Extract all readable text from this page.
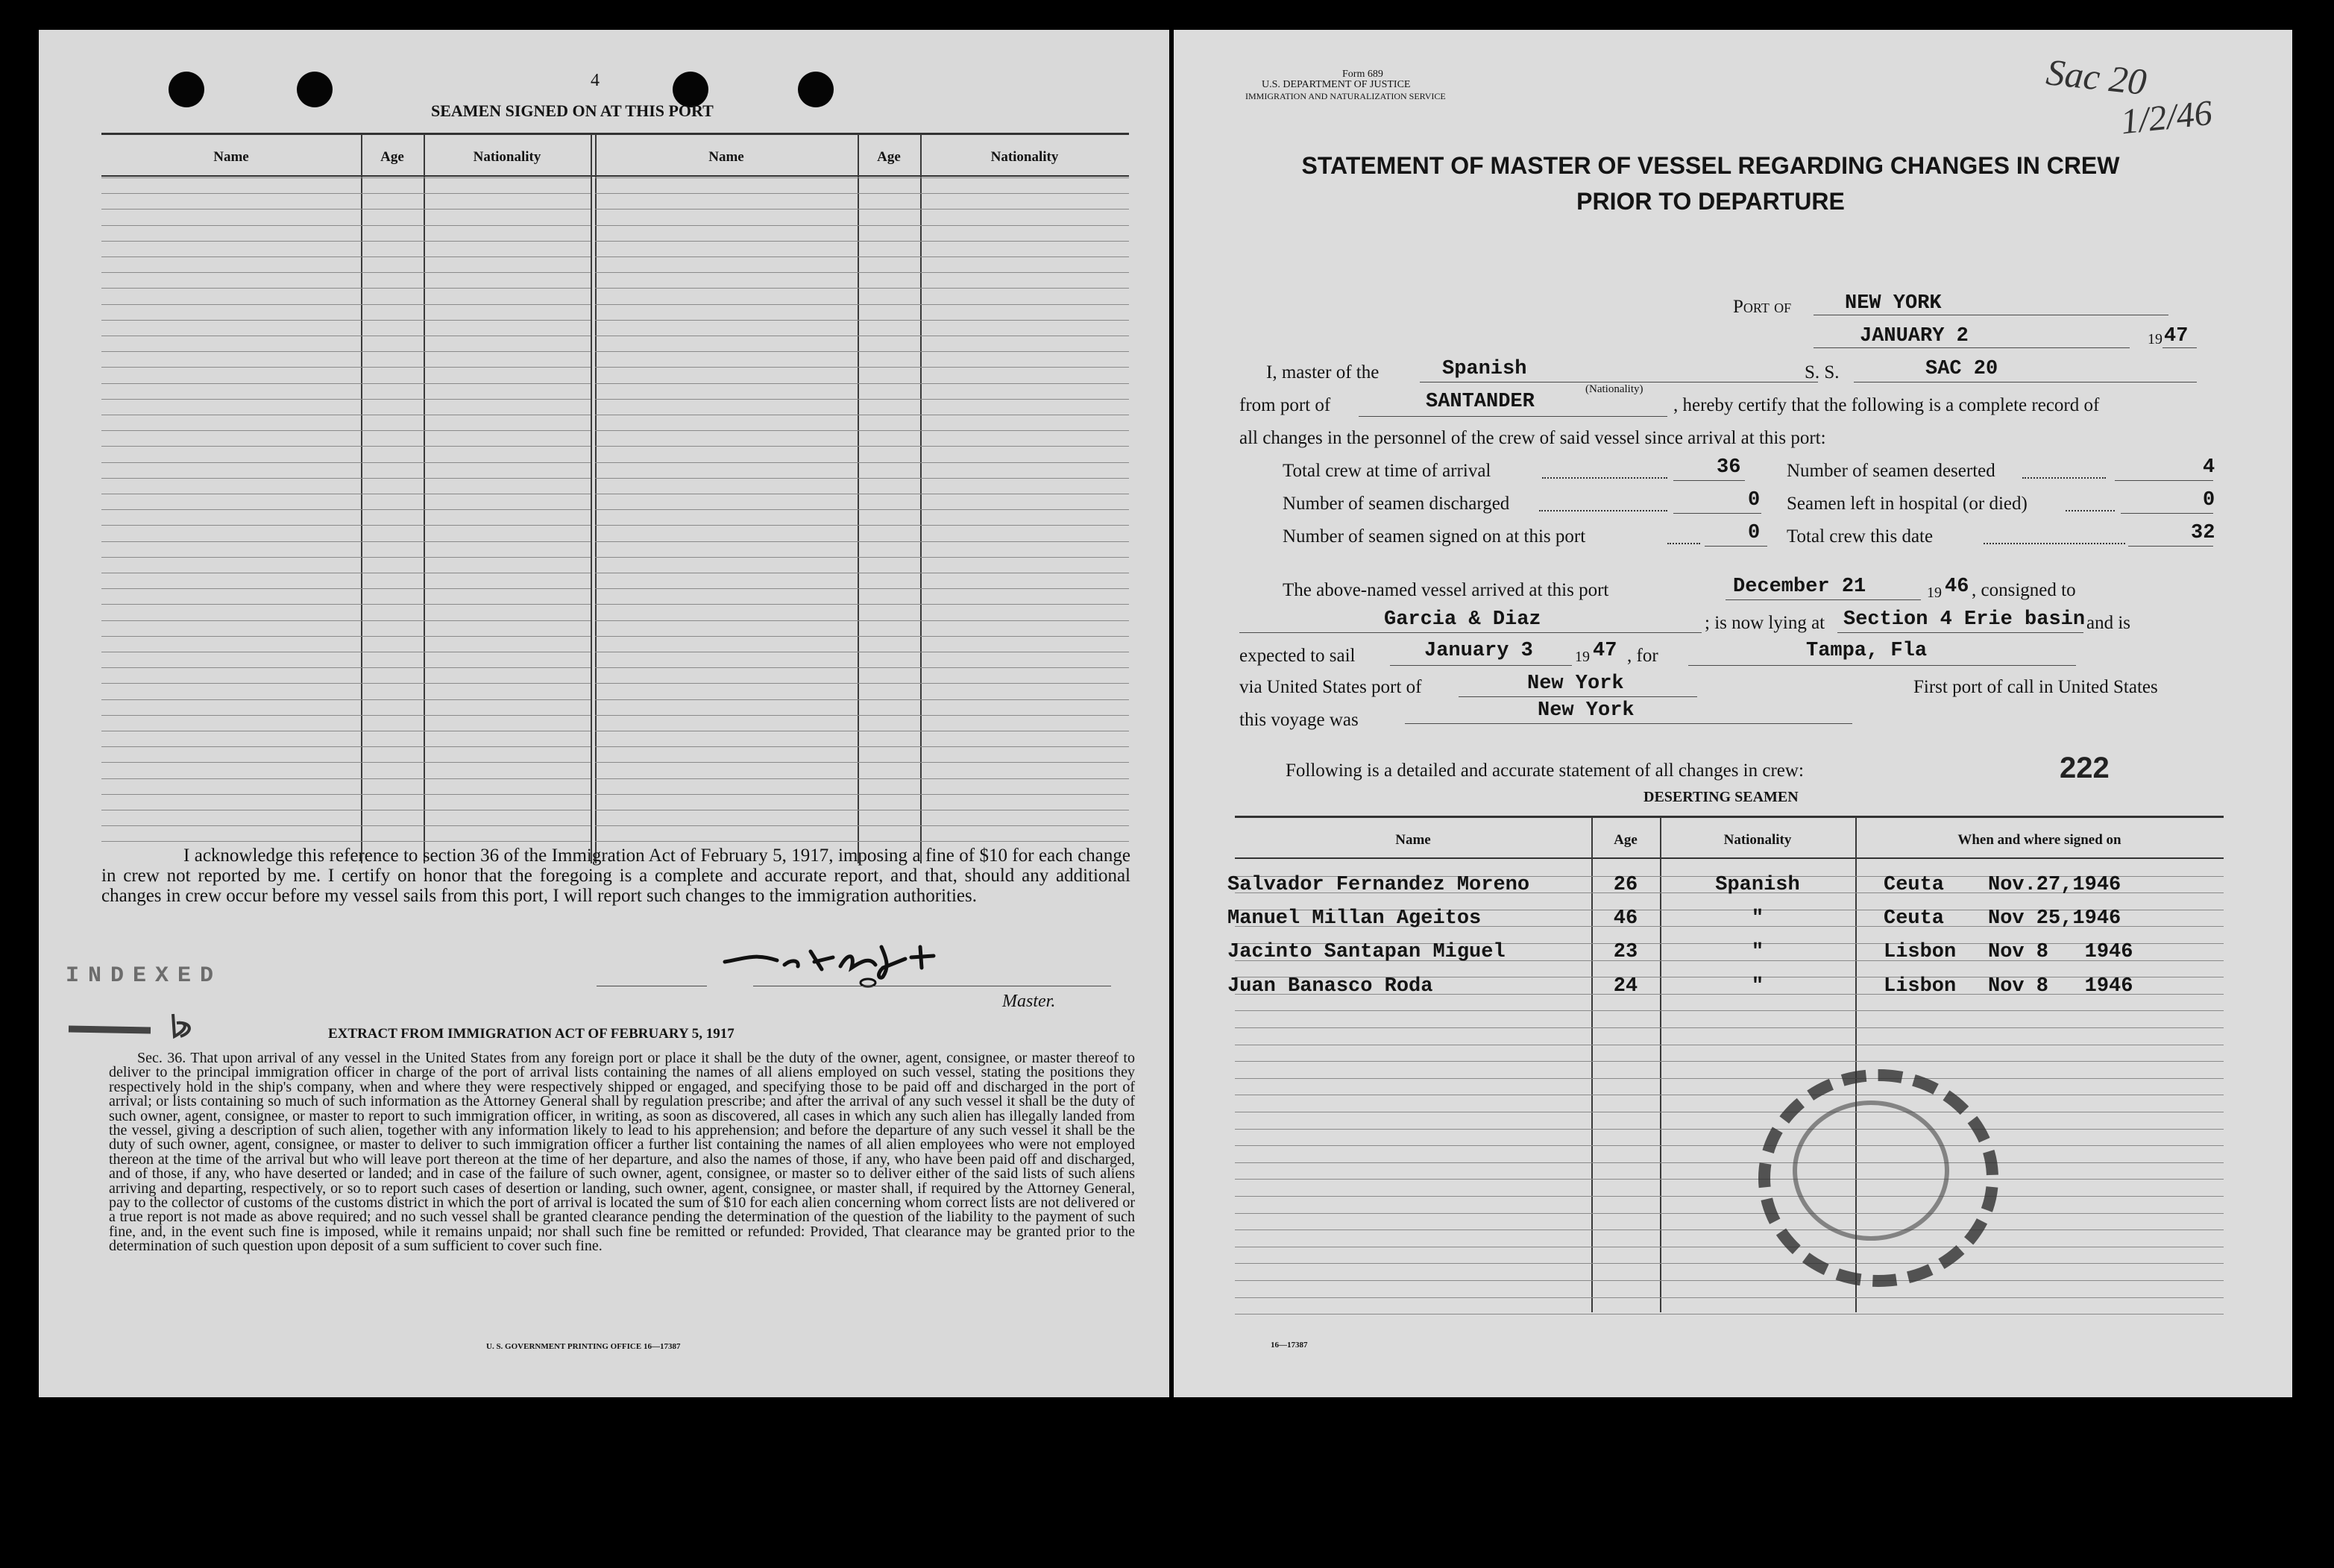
4
SEAMEN SIGNED ON AT THIS PORT
Name	Age	Nationality	Name	Age	Nationality
I acknowledge this reference to section 36 of the Immigration Act of February 5, 1917, imposing a fine of $10 for each change in crew not reported by me. I certify on honor that the foregoing is a complete and accurate report, and that, should any additional changes in crew occur before my vessel sails from this port, I will report such changes to the immigration authorities.
Master.
INDEXED
EXTRACT FROM IMMIGRATION ACT OF FEBRUARY 5, 1917
Sec. 36. That upon arrival of any vessel in the United States from any foreign port or place it shall be the duty of the owner, agent, consignee, or master thereof to deliver to the principal immigration officer in charge of the port of arrival lists containing the names of all aliens employed on such vessel, stating the positions they respectively hold in the ship's company, when and where they were respectively shipped or engaged, and specifying those to be paid off and discharged in the port of arrival; or lists containing so much of such information as the Attorney General shall by regulation prescribe; and after the arrival of any such vessel it shall be the duty of such owner, agent, consignee, or master to report to such immigration officer, in writing, as soon as discovered, all cases in which any such alien has illegally landed from the vessel, giving a description of such alien, together with any information likely to lead to his apprehension; and before the departure of any such vessel it shall be the duty of such owner, agent, consignee, or master to deliver to such immigration officer a further list containing the names of all alien employees who were not employed thereon at the time of the arrival but who will leave port thereon at the time of her departure, and also the names of those, if any, who have been paid off and discharged, and of those, if any, who have deserted or landed; and in case of the failure of such owner, agent, consignee, or master so to deliver either of the said lists of such aliens arriving and departing, respectively, or so to report such cases of desertion or landing, such owner, agent, consignee, or master shall, if required by the Attorney General, pay to the collector of customs of the customs district in which the port of arrival is located the sum of $10 for each alien concerning whom correct lists are not delivered or a true report is not made as above required; and no such vessel shall be granted clearance pending the determination of the question of the liability to the payment of such fine, and, in the event such fine is imposed, while it remains unpaid; nor shall such fine be remitted or refunded: Provided, That clearance may be granted prior to the determination of such question upon deposit of a sum sufficient to cover such fine.
U. S. GOVERNMENT PRINTING OFFICE 16—17387
Form 689
U.S. DEPARTMENT OF JUSTICE
IMMIGRATION AND NATURALIZATION SERVICE	Sac 20
1/2/46
STATEMENT OF MASTER OF VESSEL REGARDING CHANGES IN CREW
PRIOR TO DEPARTURE
Port of	NEW YORK
JANUARY 2	19 47
I, master of the	Spanish
(Nationality)
S. S.	SAC 20
from port of	SANTANDER	, hereby certify that the following is a complete record of
all changes in the personnel of the crew of said vessel since arrival at this port:
Total crew at time of arrival	36 Number of seamen deserted	4
Number of seamen discharged	0 Seamen left in hospital (or died)	0
Number of seamen signed on at this port	0 Total crew this date	32
The above-named vessel arrived at this port	December 21	19 46 , consigned to
Garcia & Diaz	; is now lying at Section 4 Erie basin and is
expected to sail	January 3	19 47 , for	Tampa, Fla
via United States port of	New York	First port of call in United States
this voyage was	New York
Following is a detailed and accurate statement of all changes in crew:	222
DESERTING SEAMEN
Name	Age	Nationality	When and where signed on
Salvador Fernandez Moreno	26	Spanish	Ceuta	Nov.27,1946
Manuel Millan Ageitos	46	"	Ceuta	Nov 25,1946
Jacinto Santapan Miguel	23	"	Lisbon	Nov 8   1946
Juan Banasco Roda	24	"	Lisbon	Nov 8   1946
16—17387
